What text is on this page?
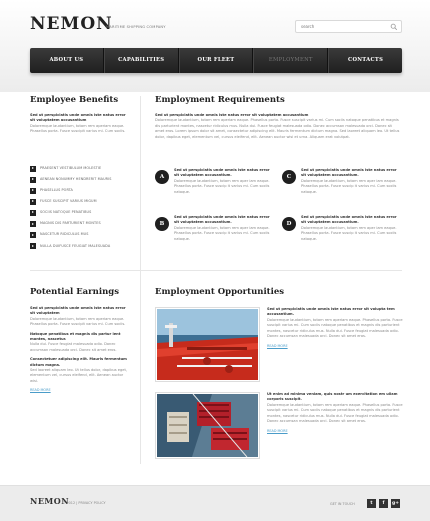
NEMON
MARITIME SHIPPING COMPANY
search
ABOUT US	CAPABILITIES	OUR FLEET	EMPLOYMENT	CONTACTS
Employee Benefits

Sed ut perspiciatis unde omnis iste natus error sit voluptatem accusantium
Doloremque laudantium, totam rem aperiam eaque. Phasellus porta. Fusce suscipit varius mi. Cum sociis.

PRAESENT VESTIBULUM MOLESTIE
AENEAN NONUMMY HENDRERIT MAURIS
PHASELLUS PORTA
FUSCE SUSCIPIT VARIUS MIGUM
SOCIIS NATOQUE PENATIBUS
MAGNIS DIS PARTURIENT MONTES
NASCETUR RIDICULUS MUS
NULLA DUIFUSCE FEUGIAT MALESUADA
Employment Requirements

Sed ut perspiciatis unde omnis iste natus error sit voluptatem accusantium
Doloremque laudantium, totam rem aperiam eaque. Phasellus porta. Fusce suscipit varius mi. Cum sociis natoque penatibus et magnis dis parturient montes, nascetur ridiculus mus. Nulla dui. Fusce feugiat malesuada odio. Donec accumsan malesuada orci. Donec sit amet eros. Lorem ipsum dolor sit amet, consectetur adipiscing elit. Mauris fermentum dictum magna. Sed laoreet aliquam leo. Ut tellus dolor, dapibus eget, elementum vel, cursus eleifend, elit. Aenean auctor wisi et urna. Aliquam erat volutpat.

A
Sed ut perspiciatis unde omnis iste natus error sit voluptatem accusantium.
Doloremque laudantium, totam rem aper iam eaque. Phasellus porta. Fusce suscip it varius mi. Cum sociis natoque.
C
Sed ut perspiciatis unde omnis iste natus error sit voluptatem accusantium.
Doloremque laudantium, totam rem aper iam eaque. Phasellus porta. Fusce suscip it varius mi. Cum sociis natoque.
B
Sed ut perspiciatis unde omnis iste natus error sit voluptatem accusantium.
Doloremque laudantium, totam rem aper iam eaque. Phasellus porta. Fusce suscip it varius mi. Cum sociis natoque.
D
Sed ut perspiciatis unde omnis iste natus error sit voluptatem accusantium.
Doloremque laudantium, totam rem aper iam eaque. Phasellus porta. Fusce suscip it varius mi. Cum sociis natoque.
Potential Earnings

Sed ut perspiciatis unde omnis iste natus error sit voluptatem
Doloremque laudantium, totam rem aperiam eaque. Phasellus porta. Fusce suscipit varius mi. Cum sociis.

Natoque penatibus et magnis dis partur ient montes, nascetur.
Nulla dui. Fusce feugiat malesuada odio. Donec accumsan malesuada orci. Donec sit amet eros.

Consectetuer adipiscing elit. Mauris fermentum dictum magna.
Sed laoreet aliquam leo. Ut tellus dolor, dapibus eget, elementum vel, cursus eleifend, elit. Aenean auctor wisi.

READ MORE

Employment Opportunities
Sed ut perspiciatis unde omnis iste natus error sit volupta tem accusantium.
Doloremque laudantium, totam rem aperiam eaque. Phasellus porta. Fusce suscipit varius mi. Cum sociis natoque penatibus et magnis dis parturient montes, nascetur ridiculus mus. Nulla dui. Fusce feugiat malesuada odio. Donec accumsan malesuada orci. Donec sit amet eros.
READ MORE
Ut enim ad minima veniam, quis nostr um exercitation em ullam corporis suscipit.
Doloremque laudantium, totam rem aperiam eaque. Phasellus porta. Fusce suscipit varius mi. Cum sociis natoque penatibus et magnis dis parturient montes, nascetur ridiculus mus. Nulla dui. Fusce feugiat malesuada odio. Donec accumsan malesuada orci. Donec sit amet eros.
READ MORE
NEMON
© 2012 | PRIVACY POLICY	GET IN TOUCH	t	f	g+
